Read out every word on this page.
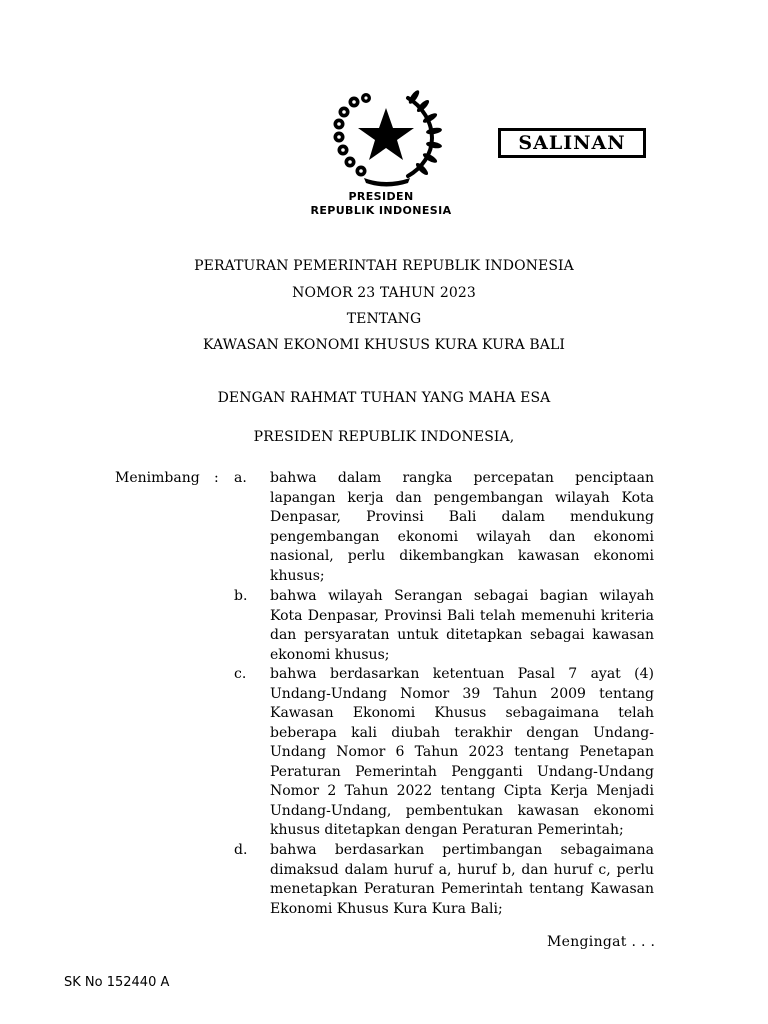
SALINAN
PRESIDEN
REPUBLIK INDONESIA
PERATURAN PEMERINTAH REPUBLIK INDONESIA
NOMOR 23 TAHUN 2023
TENTANG
KAWASAN EKONOMI KHUSUS KURA KURA BALI
DENGAN RAHMAT TUHAN YANG MAHA ESA
PRESIDEN REPUBLIK INDONESIA,
Menimbang : a. bahwa dalam rangka percepatan penciptaan lapangan kerja dan pengembangan wilayah Kota Denpasar, Provinsi Bali dalam mendukung pengembangan ekonomi wilayah dan ekonomi nasional, perlu dikembangkan kawasan ekonomi khusus;

b. bahwa wilayah Serangan sebagai bagian wilayah Kota Denpasar, Provinsi Bali telah memenuhi kriteria dan persyaratan untuk ditetapkan sebagai kawasan ekonomi khusus;

c. bahwa berdasarkan ketentuan Pasal 7 ayat (4) Undang-Undang Nomor 39 Tahun 2009 tentang Kawasan Ekonomi Khusus sebagaimana telah beberapa kali diubah terakhir dengan Undang-Undang Nomor 6 Tahun 2023 tentang Penetapan Peraturan Pemerintah Pengganti Undang-Undang Nomor 2 Tahun 2022 tentang Cipta Kerja Menjadi Undang-Undang, pembentukan kawasan ekonomi khusus ditetapkan dengan Peraturan Pemerintah;

d. bahwa berdasarkan pertimbangan sebagaimana dimaksud dalam huruf a, huruf b, dan huruf c, perlu menetapkan Peraturan Pemerintah tentang Kawasan Ekonomi Khusus Kura Kura Bali;

Mengingat . . .
SK No 152440 A
